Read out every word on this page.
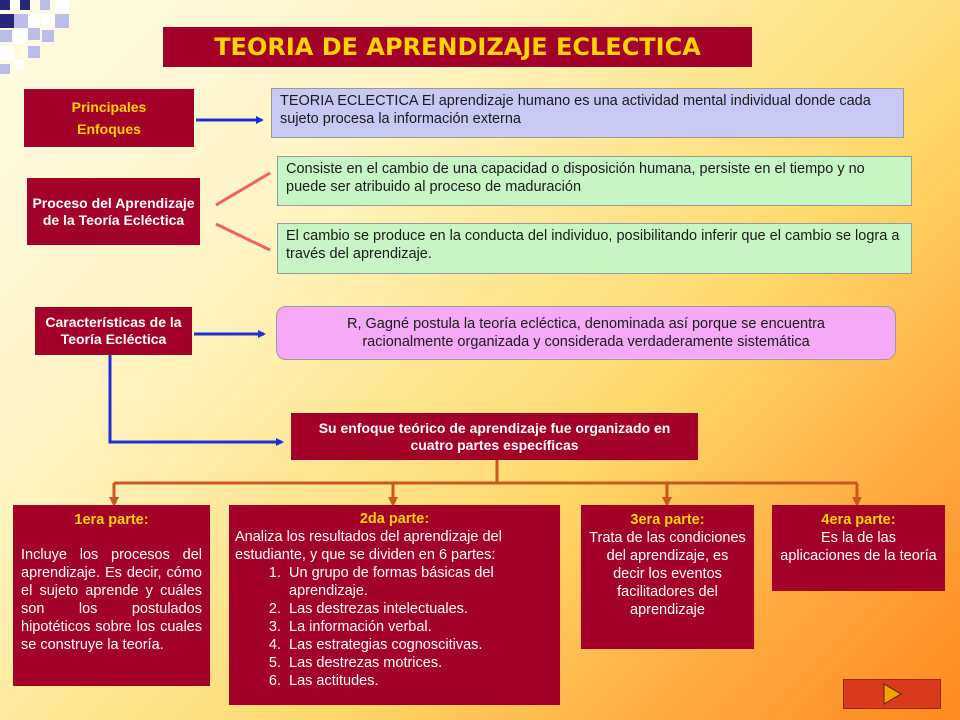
TEORIA DE APRENDIZAJE ECLECTICA
Principales
Enfoques
TEORIA ECLECTICA El aprendizaje humano es una actividad mental individual donde cada sujeto procesa la información externa
Proceso del Aprendizaje de la Teoría Ecléctica
Consiste en el cambio de una capacidad o disposición humana, persiste en el tiempo y no puede ser atribuido al proceso de maduración
El cambio se produce en la conducta del individuo, posibilitando inferir que el cambio se logra a través del aprendizaje.
Características de la Teoría Ecléctica
R, Gagné postula la teoría ecléctica, denominada así porque se encuentra racionalmente organizada y considerada verdaderamente sistemática
Su enfoque teórico de aprendizaje fue organizado en cuatro partes específicas
1era parte:
Incluye los procesos del aprendizaje. Es decir, cómo el sujeto aprende y cuáles son los postulados hipotéticos sobre los cuales se construye la teoría.
2da parte:
Analiza los resultados del aprendizaje del estudiante, y que se dividen en 6 partes:
1. Un grupo de formas básicas del aprendizaje.
2. Las destrezas intelectuales.
3. La información verbal.
4. Las estrategias cognoscitivas.
5. Las destrezas motrices.
6. Las actitudes.
3era parte:
Trata de las condiciones del aprendizaje, es decir los eventos facilitadores del aprendizaje
4era parte:
Es la de las aplicaciones de la teoría
